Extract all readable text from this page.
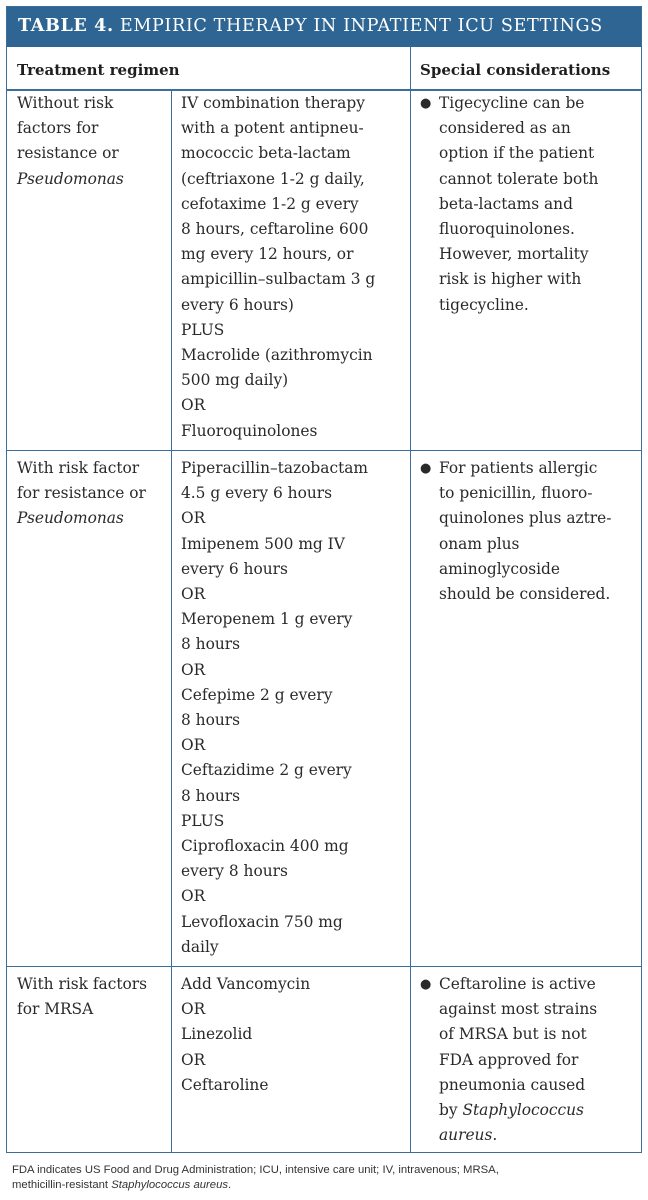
TABLE 4. EMPIRIC THERAPY IN INPATIENT ICU SETTINGS
Treatment regimen	Special considerations
Without risk
factors for
resistance or
Pseudomonas
IV combination therapy
with a potent antipneu-
mococcic beta-lactam
(ceftriaxone 1-2 g daily,
cefotaxime 1-2 g every
8 hours, ceftaroline 600
mg every 12 hours, or
ampicillin–sulbactam 3 g
every 6 hours)
PLUS
Macrolide (azithromycin
500 mg daily)
OR
Fluoroquinolones
● Tigecycline can be
considered as an
option if the patient
cannot tolerate both
beta-lactams and
fluoroquinolones.
However, mortality
risk is higher with
tigecycline.
With risk factor
for resistance or
Pseudomonas
Piperacillin–tazobactam
4.5 g every 6 hours
OR
Imipenem 500 mg IV
every 6 hours
OR
Meropenem 1 g every
8 hours
OR
Cefepime 2 g every
8 hours
OR
Ceftazidime 2 g every
8 hours
PLUS
Ciprofloxacin 400 mg
every 8 hours
OR
Levofloxacin 750 mg
daily
● For patients allergic
to penicillin, fluoro-
quinolones plus aztre-
onam plus
aminoglycoside
should be considered.
With risk factors
for MRSA
Add Vancomycin
OR
Linezolid
OR
Ceftaroline
● Ceftaroline is active
against most strains
of MRSA but is not
FDA approved for
pneumonia caused
by Staphylococcus
aureus.
FDA indicates US Food and Drug Administration; ICU, intensive care unit; IV, intravenous; MRSA,
methicillin-resistant Staphylococcus aureus.
